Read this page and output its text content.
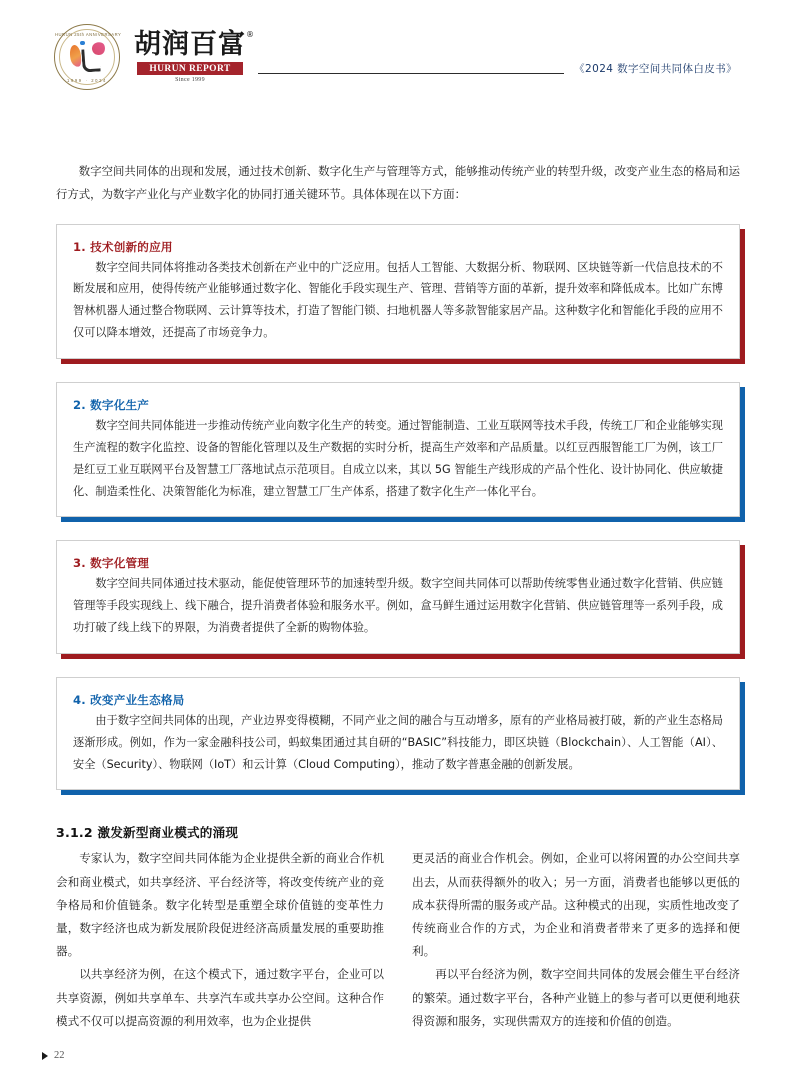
HURUN 25th ANNIVERSARY
1999 · 2024
胡润百富 ®
HURUN REPORT
Since 1999
《2024 数字空间共同体白皮书》

数字空间共同体的出现和发展，通过技术创新、数字化生产与管理等方式，能够推动传统产业的转型升级，改变产业生态的格局和运行方式，为数字产业化与产业数字化的协同打通关键环节。具体体现在以下方面：

1. 技术创新的应用

数字空间共同体将推动各类技术创新在产业中的广泛应用。包括人工智能、大数据分析、物联网、区块链等新一代信息技术的不断发展和应用，使得传统产业能够通过数字化、智能化手段实现生产、管理、营销等方面的革新，提升效率和降低成本。比如广东博智林机器人通过整合物联网、云计算等技术，打造了智能门锁、扫地机器人等多款智能家居产品。这种数字化和智能化手段的应用不仅可以降本增效，还提高了市场竞争力。

2. 数字化生产

数字空间共同体能进一步推动传统产业向数字化生产的转变。通过智能制造、工业互联网等技术手段，传统工厂和企业能够实现生产流程的数字化监控、设备的智能化管理以及生产数据的实时分析，提高生产效率和产品质量。以红豆西服智能工厂为例，该工厂是红豆工业互联网平台及智慧工厂落地试点示范项目。自成立以来，其以 5G 智能生产线形成的产品个性化、设计协同化、供应敏捷化、制造柔性化、决策智能化为标准，建立智慧工厂生产体系，搭建了数字化生产一体化平台。

3. 数字化管理

数字空间共同体通过技术驱动，能促使管理环节的加速转型升级。数字空间共同体可以帮助传统零售业通过数字化营销、供应链管理等手段实现线上、线下融合，提升消费者体验和服务水平。例如，盒马鲜生通过运用数字化营销、供应链管理等一系列手段，成功打破了线上线下的界限，为消费者提供了全新的购物体验。

4. 改变产业生态格局

由于数字空间共同体的出现，产业边界变得模糊，不同产业之间的融合与互动增多，原有的产业格局被打破，新的产业生态格局逐渐形成。例如，作为一家金融科技公司，蚂蚁集团通过其自研的“BASIC”科技能力，即区块链（Blockchain）、人工智能（AI）、安全（Security）、物联网（IoT）和云计算（Cloud Computing），推动了数字普惠金融的创新发展。

3.1.2 激发新型商业模式的涌现

专家认为，数字空间共同体能为企业提供全新的商业合作机会和商业模式，如共享经济、平台经济等，将改变传统产业的竞争格局和价值链条。数字化转型是重塑全球价值链的变革性力量，数字经济也成为新发展阶段促进经济高质量发展的重要助推器。

以共享经济为例，在这个模式下，通过数字平台，企业可以共享资源，例如共享单车、共享汽车或共享办公空间。这种合作模式不仅可以提高资源的利用效率，也为企业提供

更灵活的商业合作机会。例如，企业可以将闲置的办公空间共享出去，从而获得额外的收入；另一方面，消费者也能够以更低的成本获得所需的服务或产品。这种模式的出现，实质性地改变了传统商业合作的方式，为企业和消费者带来了更多的选择和便利。

再以平台经济为例，数字空间共同体的发展会催生平台经济的繁荣。通过数字平台，各种产业链上的参与者可以更便利地获得资源和服务，实现供需双方的连接和价值的创造。

22
